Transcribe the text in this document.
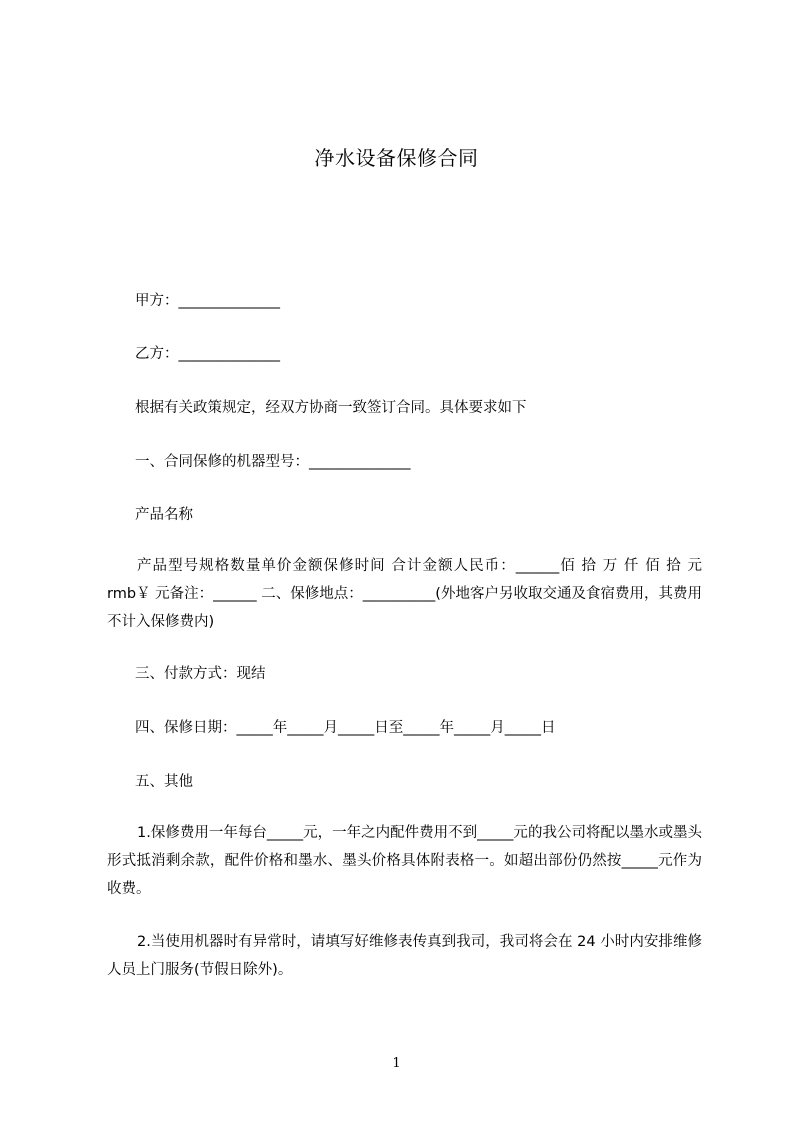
净水设备保修合同
甲方：______________
乙方：______________
根据有关政策规定，经双方协商一致签订合同。具体要求如下
一、合同保修的机器型号：______________
产品名称
产品型号规格数量单价金额保修时间 合计金额人民币：______佰 拾 万 仟 佰 拾 元 rmb￥ 元备注：______ 二、保修地点：__________(外地客户另收取交通及食宿费用，其费用不计入保修费内)
三、付款方式：现结
四、保修日期：_____年_____月_____日至_____年_____月_____日
五、其他
1.保修费用一年每台_____元，一年之内配件费用不到_____元的我公司将配以墨水或墨头形式抵消剩余款，配件价格和墨水、墨头价格具体附表格一。如超出部份仍然按_____元作为收费。
2.当使用机器时有异常时，请填写好维修表传真到我司，我司将会在 24 小时内安排维修人员上门服务(节假日除外)。
1
